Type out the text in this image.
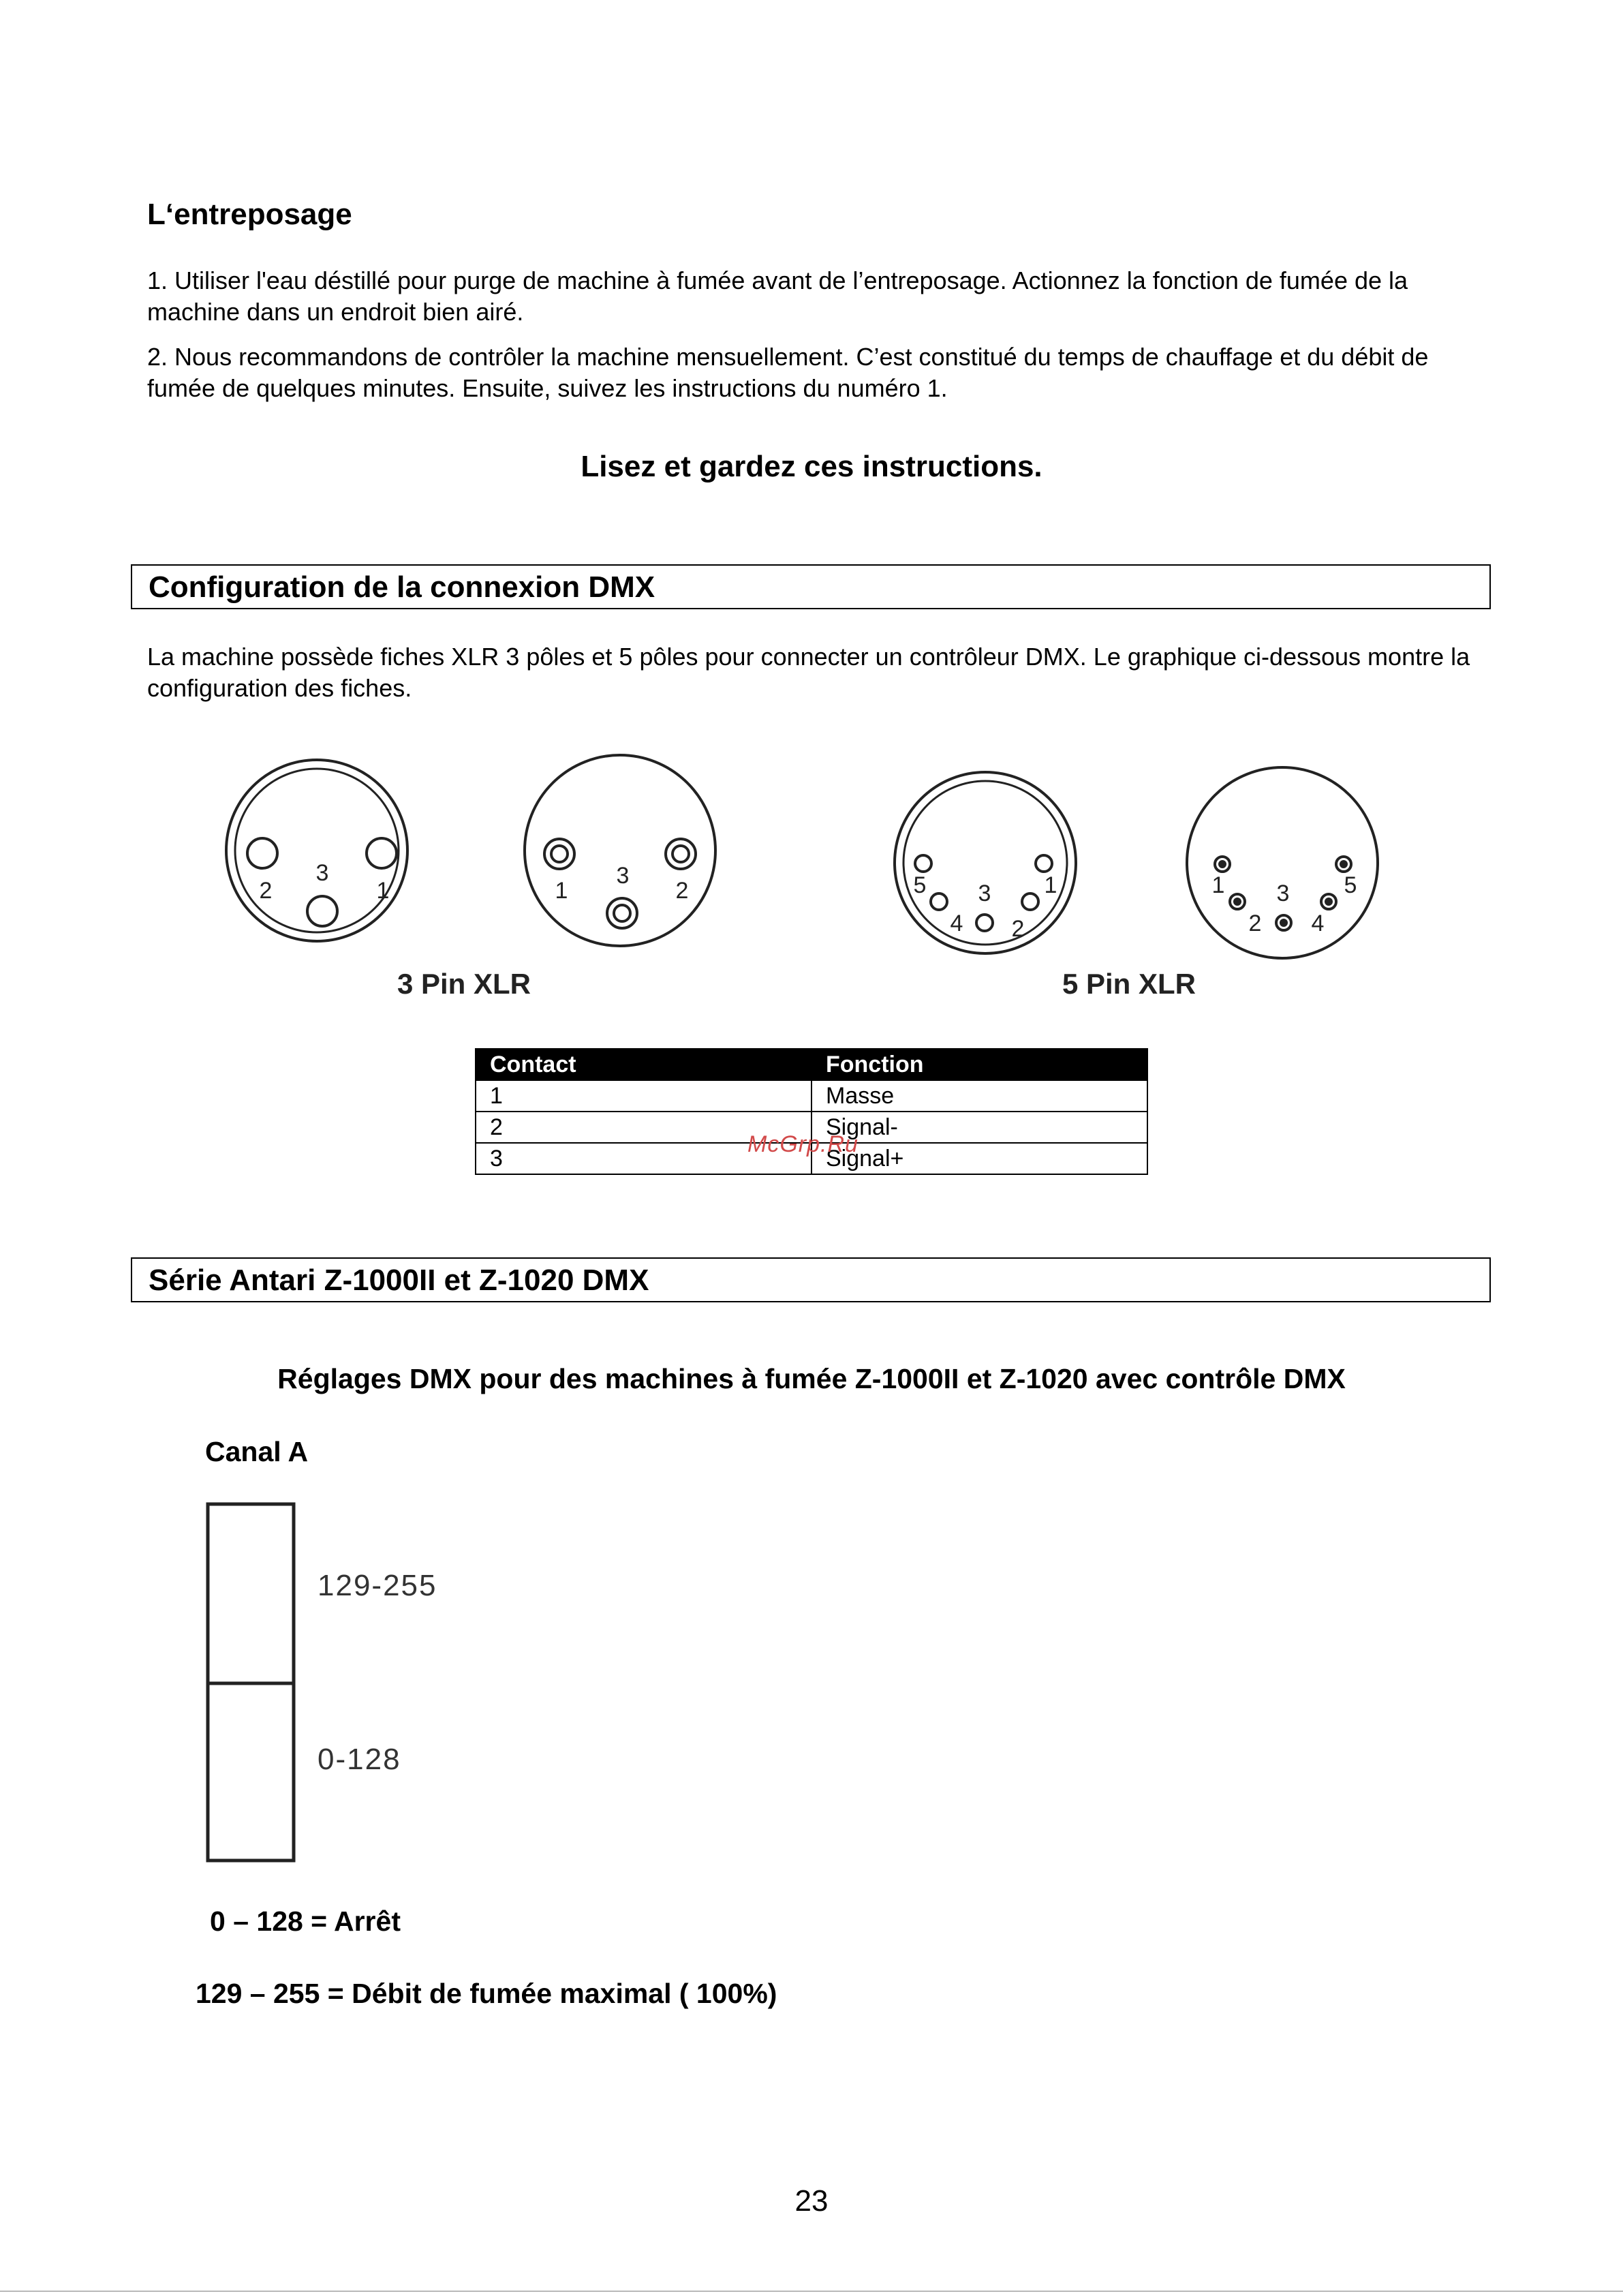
L‘entreposage

1. Utiliser l'eau déstillé pour purge de machine à fumée avant de l’entreposage. Actionnez la fonction de fumée de la machine dans un endroit bien airé.

2. Nous recommandons de contrôler la machine mensuellement. C’est constitué du temps de chauffage et du débit de fumée de quelques minutes. Ensuite, suivez les instructions du numéro 1.

Lisez et gardez ces instructions.
Configuration de la connexion DMX

La machine possède fiches XLR 3 pôles et 5 pôles pour connecter un contrôleur DMX. Le graphique ci-dessous montre la configuration des fiches.

2
3
1	1
3
2	5	1
3
4 2
1	5
3
2 4
3 Pin XLR	5 Pin XLR
Contact	Fonction
1	Masse
2	Signal-
3	Signal+
McGrp.Ru
Série Antari Z-1000II et Z-1020 DMX
Réglages DMX pour des machines à fumée Z-1000II et Z-1020 avec contrôle DMX
Canal A
129-255
0-128
0 – 128 = Arrêt
129 – 255 = Débit de fumée maximal ( 100%)
23
